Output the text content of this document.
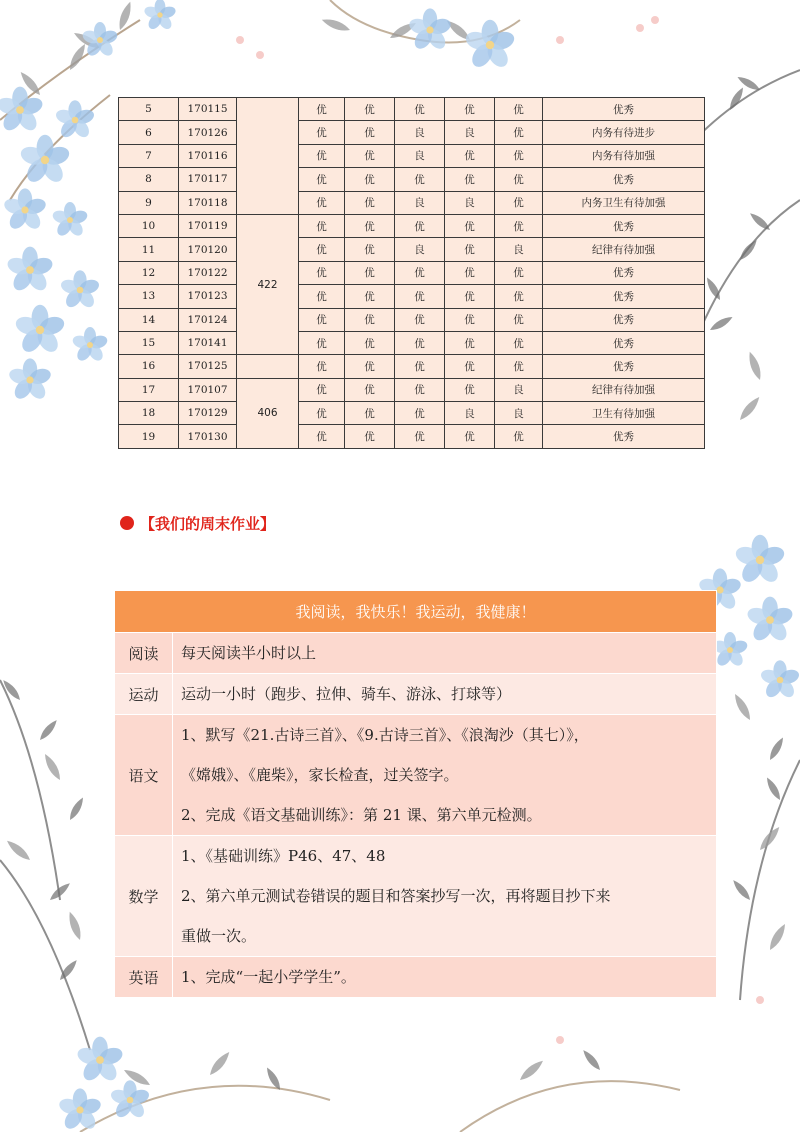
5	170115		优	优	优	优	优	优秀
6	170126		优	优	良	良	优	内务有待进步
7	170116		优	优	良	优	优	内务有待加强
8	170117		优	优	优	优	优	优秀
9	170118		优	优	良	良	优	内务卫生有待加强
10	170119	422	优	优	优	优	优	优秀
11	170120		优	优	良	优	良	纪律有待加强
12	170122		优	优	优	优	优	优秀
13	170123		优	优	优	优	优	优秀
14	170124		优	优	优	优	优	优秀
15	170141		优	优	优	优	优	优秀
16	170125		优	优	优	优	优	优秀
17	170107	406	优	优	优	优	良	纪律有待加强
18	170129		优	优	优	良	良	卫生有待加强
19	170130		优	优	优	优	优	优秀
【我们的周末作业】
我阅读，我快乐！我运动，我健康！	
阅读	每天阅读半小时以上

运动	运动一小时（跑步、拉伸、骑车、游泳、打球等）

语文	1、默写《21.古诗三首》、《9.古诗三首》、《浪淘沙（其七）》，
《嫦娥》、《鹿柴》，家长检查，过关签字。
2、完成《语文基础训练》：第 21 课、第六单元检测。

数学	1、《基础训练》P46、47、48
2、第六单元测试卷错误的题目和答案抄写一次，再将题目抄下来
重做一次。

英语	1、完成“一起小学学生”。
